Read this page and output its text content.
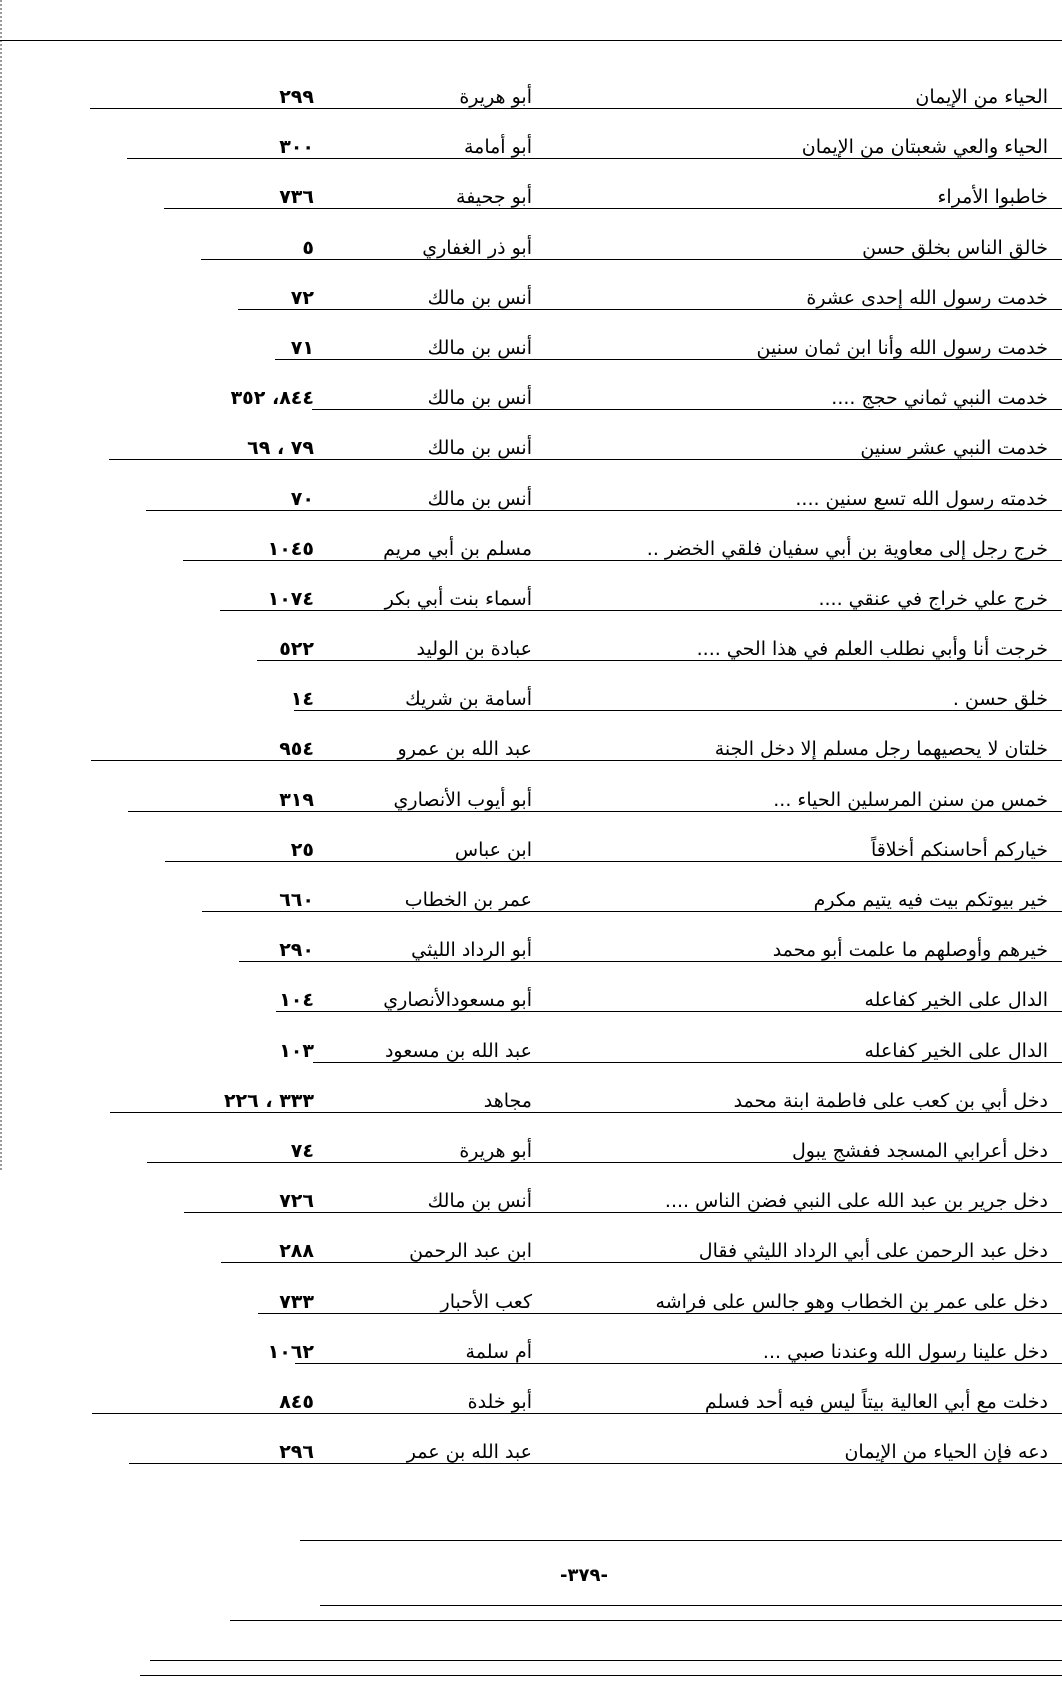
الحياء من الإيمان
أبو هريرة
٢٩٩
الحياء والعي شعبتان من الإيمان
أبو أمامة
٣٠٠
خاطبوا الأمراء
أبو جحيفة
٧٣٦
خالق الناس بخلق حسن
أبو ذر الغفاري
٥
خدمت رسول الله إحدى عشرة
أنس بن مالك
٧٢
خدمت رسول الله وأنا ابن ثمان سنين
أنس بن مالك
٧١
خدمت النبي ثماني حجج ....
أنس بن مالك
٨٤٤، ٣٥٢
خدمت النبي عشر سنين
أنس بن مالك
٧٩ ، ٦٩
خدمته رسول الله تسع سنين ....
أنس بن مالك
٧٠
خرج رجل إلى معاوية بن أبي سفيان فلقي الخضر ..
مسلم بن أبي مريم
١٠٤٥
خرج علي خراج في عنقي ....
أسماء بنت أبي بكر
١٠٧٤
خرجت أنا وأبي نطلب العلم في هذا الحي ....
عبادة بن الوليد
٥٢٢
خلق حسن .
أسامة بن شريك
١٤
خلتان لا يحصيهما رجل مسلم إلا دخل الجنة
عبد الله بن عمرو
٩٥٤
خمس من سنن المرسلين الحياء ...
أبو أيوب الأنصاري
٣١٩
خياركم أحاسنكم أخلاقاً
ابن عباس
٢٥
خير بيوتكم بيت فيه يتيم مكرم
عمر بن الخطاب
٦٦٠
خيرهم وأوصلهم ما علمت أبو محمد
أبو الرداد الليثي
٢٩٠
الدال على الخير كفاعله
أبو مسعودالأنصاري
١٠٤
الدال على الخير كفاعله
عبد الله بن مسعود
١٠٣
دخل أبي بن كعب على فاطمة ابنة محمد
مجاهد
٣٣٣ ، ٢٢٦
دخل أعرابي المسجد ففشج يبول
أبو هريرة
٧٤
دخل جرير بن عبد الله على النبي فضن الناس ....
أنس بن مالك
٧٢٦
دخل عبد الرحمن على أبي الرداد الليثي فقال
ابن عبد الرحمن
٢٨٨
دخل على عمر بن الخطاب وهو جالس على فراشه
كعب الأحبار
٧٣٣
دخل علينا رسول الله وعندنا صبي ...
أم سلمة
١٠٦٢
دخلت مع أبي العالية بيتاً ليس فيه أحد فسلم
أبو خلدة
٨٤٥
دعه فإن الحياء من الإيمان
عبد الله بن عمر
٢٩٦
-٣٧٩-
